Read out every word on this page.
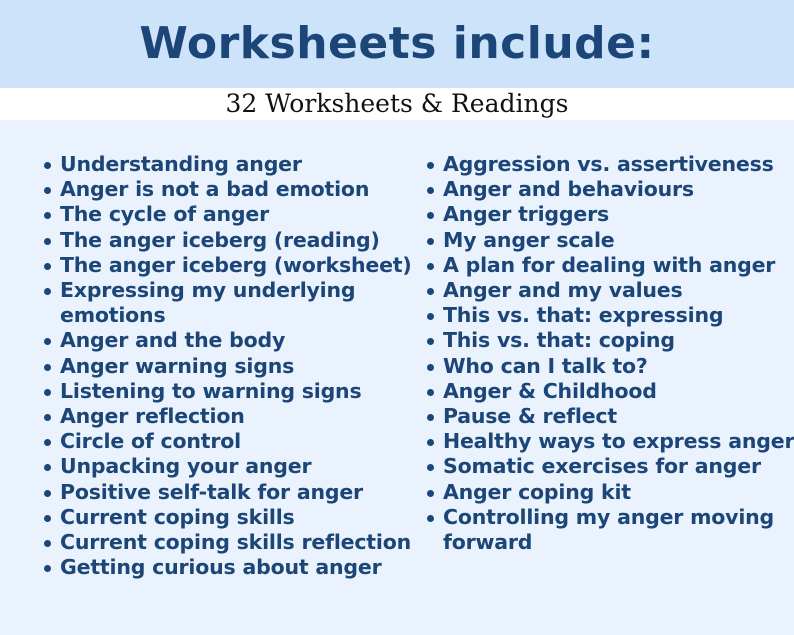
Worksheets include:
32 Worksheets & Readings
Understanding anger
Anger is not a bad emotion
The cycle of anger
The anger iceberg (reading)
The anger iceberg (worksheet)
Expressing my underlying
emotions
Anger and the body
Anger warning signs
Listening to warning signs
Anger reflection
Circle of control
Unpacking your anger
Positive self-talk for anger
Current coping skills
Current coping skills reflection
Getting curious about anger
Aggression vs. assertiveness
Anger and behaviours
Anger triggers
My anger scale
A plan for dealing with anger
Anger and my values
This vs. that: expressing
This vs. that: coping
Who can I talk to?
Anger & Childhood
Pause & reflect
Healthy ways to express anger
Somatic exercises for anger
Anger coping kit
Controlling my anger moving
forward
